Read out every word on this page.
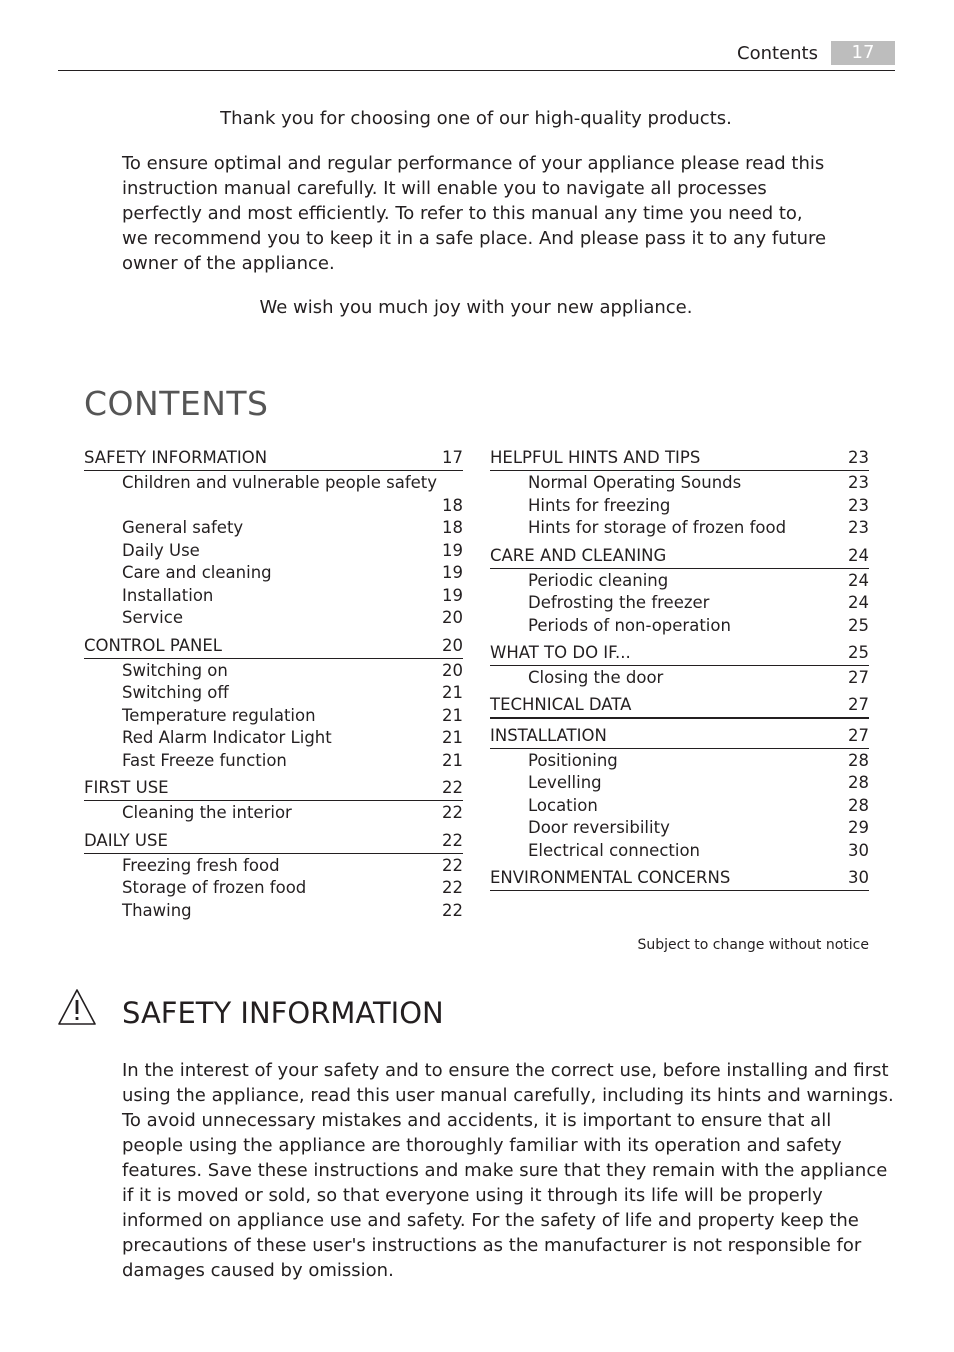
Contents	17

Thank you for choosing one of our high-quality products.

To ensure optimal and regular performance of your appliance please read this instruction manual carefully. It will enable you to navigate all processes perfectly and most efficiently. To refer to this manual any time you need to, we recommend you to keep it in a safe place. And please pass it to any future owner of the appliance.

We wish you much joy with your new appliance.

CONTENTS
SAFETY INFORMATION	17
Children and vulnerable people safety
18
General safety	18
Daily Use	19
Care and cleaning	19
Installation	19
Service	20
CONTROL PANEL	20
Switching on	20
Switching off	21
Temperature regulation	21
Red Alarm Indicator Light	21
Fast Freeze function	21
FIRST USE	22
Cleaning the interior	22
DAILY USE	22
Freezing fresh food	22
Storage of frozen food	22
Thawing	22
HELPFUL HINTS AND TIPS	23
Normal Operating Sounds	23
Hints for freezing	23
Hints for storage of frozen food	23
CARE AND CLEANING	24
Periodic cleaning	24
Defrosting the freezer	24
Periods of non-operation	25
WHAT TO DO IF...	25
Closing the door	27
TECHNICAL DATA	27
INSTALLATION	27
Positioning	28
Levelling	28
Location	28
Door reversibility	29
Electrical connection	30
ENVIRONMENTAL CONCERNS	30
Subject to change without notice
SAFETY INFORMATION

In the interest of your safety and to ensure the correct use, before installing and first using the appliance, read this user manual carefully, including its hints and warnings. To avoid unnecessary mistakes and accidents, it is important to ensure that all people using the appliance are thoroughly familiar with its operation and safety features. Save these instructions and make sure that they remain with the appliance if it is moved or sold, so that everyone using it through its life will be properly informed on appliance use and safety. For the safety of life and property keep the precautions of these user's instructions as the manufacturer is not responsible for damages caused by omission.
